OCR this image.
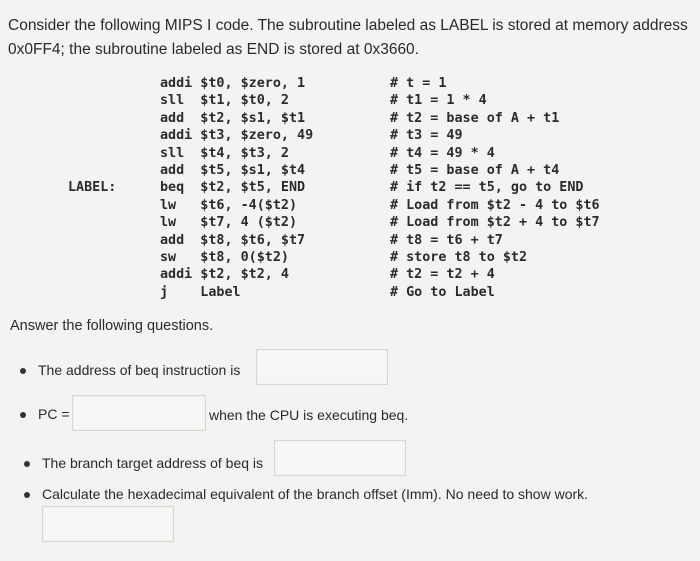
Consider the following MIPS I code. The subroutine labeled as LABEL is stored at memory address 0x0FF4; the subroutine labeled as END is stored at 0x3660.
addi $t0, $zero, 1	# t = 1
sll  $t1, $t0, 2	# t1 = 1 * 4
add  $t2, $s1, $t1	# t2 = base of A + t1
addi $t3, $zero, 49	# t3 = 49
sll  $t4, $t3, 2	# t4 = 49 * 4
add  $t5, $s1, $t4	# t5 = base of A + t4
LABEL:	beq  $t2, $t5, END	# if t2 == t5, go to END
lw   $t6, -4($t2)	# Load from $t2 - 4 to $t6
lw   $t7, 4 ($t2)	# Load from $t2 + 4 to $t7
add  $t8, $t6, $t7	# t8 = t6 + t7
sw   $t8, 0($t2)	# store t8 to $t2
addi $t2, $t2, 4	# t2 = t2 + 4
j    Label	# Go to Label
Answer the following questions.
The address of beq instruction is
PC =	when the CPU is executing beq.
The branch target address of beq is
Calculate the hexadecimal equivalent of the branch offset (Imm). No need to show work.
